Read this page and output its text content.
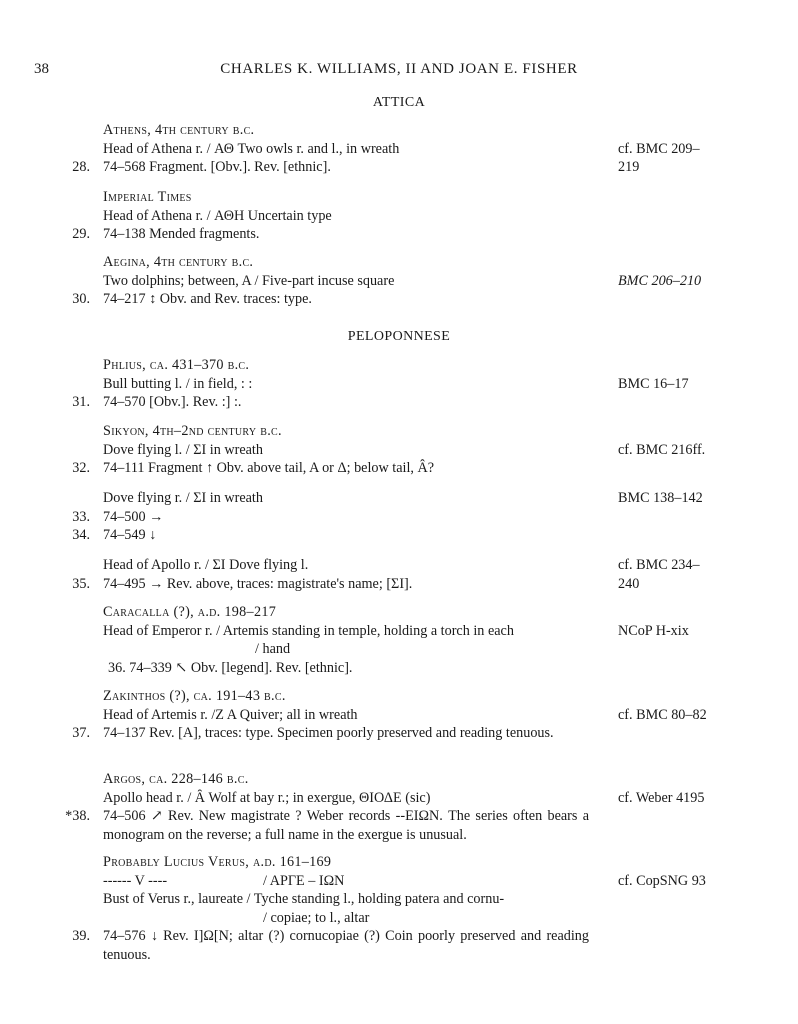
38	CHARLES K. WILLIAMS, II AND JOAN E. FISHER
ATTICA
Athens, 4th century b.c.
Head of Athena r. / ΑΘ Two owls r. and l., in wreath	cf. BMC 209–
28. 74–568 Fragment. [Obv.]. Rev. [ethnic].	219
Imperial Times
Head of Athena r. / ΑΘΗ Uncertain type
29. 74–138 Mended fragments.
Aegina, 4th century b.c.
Two dolphins; between, A / Five-part incuse square	BMC 206–210
30. 74–217 ↕ Obv. and Rev. traces: type.
PELOPONNESE
Phlius, ca. 431–370 b.c.
Bull butting l. / in field, : :	BMC 16–17
31. 74–570 [Obv.]. Rev. :] :.
Sikyon, 4th–2nd century b.c.
Dove flying l. / ΣΙ in wreath	cf. BMC 216ff.
32. 74–111 Fragment ↑ Obv. above tail, A or Δ; below tail, Â?
Dove flying r. / ΣΙ in wreath	BMC 138–142
33. 74–500 →
34. 74–549 ↓
Head of Apollo r. / ΣΙ Dove flying l.	cf. BMC 234–
35. 74–495 → Rev. above, traces: magistrate's name; [ΣΙ].	240
Caracalla (?), a.d. 198–217
Head of Emperor r. / Artemis standing in temple, holding a torch in each	NCoP H-xix
/ hand
36. 74–339 ↖ Obv. [legend]. Rev. [ethnic].
Zakinthos (?), ca. 191–43 b.c.
Head of Artemis r. /Z A Quiver; all in wreath	cf. BMC 80–82
37. 74–137 Rev. [A], traces: type. Specimen poorly preserved and reading tenuous.
Argos, ca. 228–146 b.c.
Apollo head r. / Ȃ Wolf at bay r.; in exergue, ΘΙΟΔΕ (sic)	cf. Weber 4195
*38. 74–506 ↗ Rev. New magistrate ? Weber records --ΕΙΩΝ. The series often bears a monogram on the reverse; a full name in the exergue is unusual.
Probably Lucius Verus, a.d. 161–169
------ V ----	/ ΑΡΓΕ – ΙΩΝ	cf. CopSNG 93
Bust of Verus r., laureate / Tyche standing l., holding patera and cornu-
/ copiae; to l., altar
39. 74–576 ↓ Rev. Ι]Ω[Ν; altar (?) cornucopiae (?) Coin poorly preserved and reading tenuous.
